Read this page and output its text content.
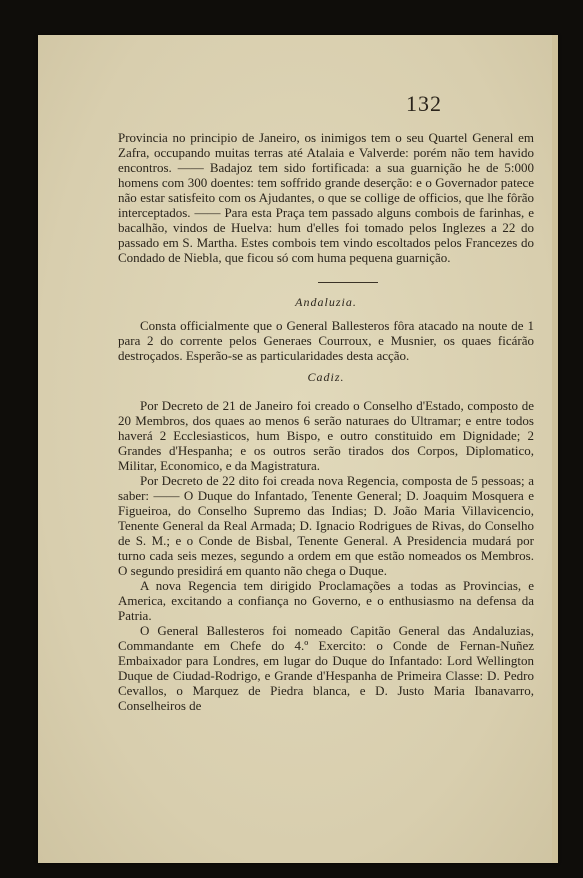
132

Provincia no principio de Janeiro, os inimigos tem o seu Quartel General em Zafra, occupando muitas terras até Atalaia e Valverde: porém não tem havido encontros. —— Badajoz tem sido fortificada: a sua guarnição he de 5:000 homens com 300 doentes: tem soffrido grande deserção: e o Governador patece não estar satisfeito com os Ajudantes, o que se collige de officios, que lhe fôrão interceptados. —— Para esta Praça tem passado alguns combois de farinhas, e bacalhão, vindos de Huelva: hum d'elles foi tomado pelos Inglezes a 22 do passado em S. Martha. Estes combois tem vindo escoltados pelos Francezes do Condado de Niebla, que ficou só com huma pequena guarnição.

Andaluzia.

Consta officialmente que o General Ballesteros fôra atacado na noute de 1 para 2 do corrente pelos Generaes Courroux, e Musnier, os quaes ficárão destroçados. Esperão-se as particularidades desta acção.

Cadiz.

Por Decreto de 21 de Janeiro foi creado o Conselho d'Estado, composto de 20 Membros, dos quaes ao menos 6 serão naturaes do Ultramar; e entre todos haverá 2 Ecclesiasticos, hum Bispo, e outro constituido em Dignidade; 2 Grandes d'Hespanha; e os outros serão tirados dos Corpos, Diplomatico, Militar, Economico, e da Magistratura.

Por Decreto de 22 dito foi creada nova Regencia, composta de 5 pessoas; a saber: —— O Duque do Infantado, Tenente General; D. Joaquim Mosquera e Figueiroa, do Conselho Supremo das Indias; D. João Maria Villavicencio, Tenente General da Real Armada; D. Ignacio Rodrigues de Rivas, do Conselho de S. M.; e o Conde de Bisbal, Tenente General. A Presidencia mudará por turno cada seis mezes, segundo a ordem em que estão nomeados os Membros. O segundo presidirá em quanto não chega o Duque.

A nova Regencia tem dirigido Proclamações a todas as Provincias, e America, excitando a confiança no Governo, e o enthusiasmo na defensa da Patria.

O General Ballesteros foi nomeado Capitão General das Andaluzias, Commandante em Chefe do 4.º Exercito: o Conde de Fernan-Nuñez Embaixador para Londres, em lugar do Duque do Infantado: Lord Wellington Duque de Ciudad-Rodrigo, e Grande d'Hespanha de Primeira Classe: D. Pedro Cevallos, o Marquez de Piedra blanca, e D. Justo Maria Ibanavarro, Conselheiros de
